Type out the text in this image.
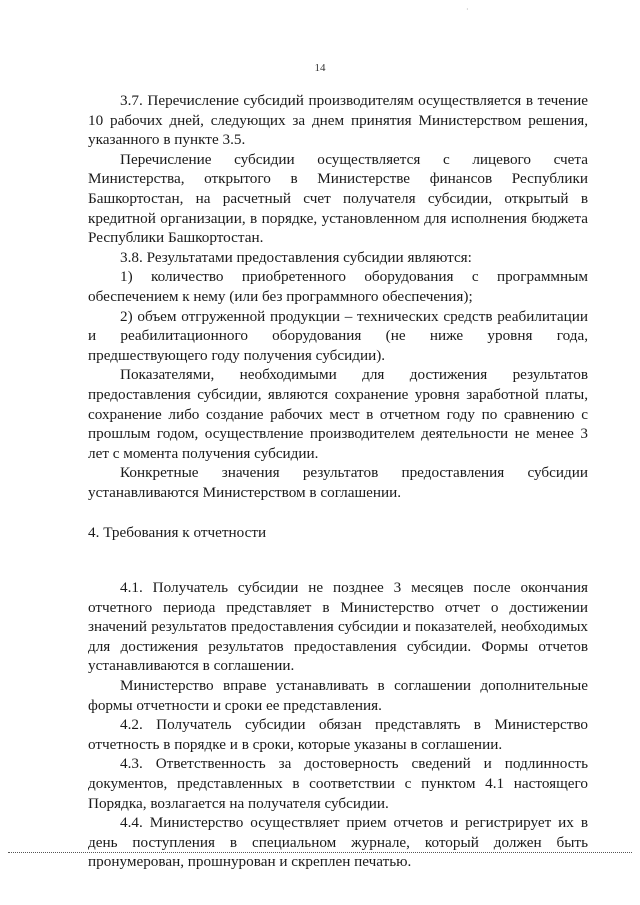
·
14

3.7. Перечисление субсидий производителям осуществляется в течение 10 рабочих дней, следующих за днем принятия Министерством решения, указанного в пункте 3.5.

Перечисление субсидии осуществляется с лицевого счета Министерства, открытого в Министерстве финансов Республики Башкортостан, на расчетный счет получателя субсидии, открытый в кредитной организации, в порядке, установленном для исполнения бюджета Республики Башкортостан.

3.8. Результатами предоставления субсидии являются:

1) количество приобретенного оборудования с программным обеспечением к нему (или без программного обеспечения);

2) объем отгруженной продукции – технических средств реабилитации и реабилитационного оборудования (не ниже уровня года, предшествующего году получения субсидии).

Показателями, необходимыми для достижения результатов предоставления субсидии, являются сохранение уровня заработной платы, сохранение либо создание рабочих мест в отчетном году по сравнению с прошлым годом, осуществление производителем деятельности не менее 3 лет с момента получения субсидии.

Конкретные значения результатов предоставления субсидии устанавливаются Министерством в соглашении.

4. Требования к отчетности

4.1. Получатель субсидии не позднее 3 месяцев после окончания отчетного периода представляет в Министерство отчет о достижении значений результатов предоставления субсидии и показателей, необходимых для достижения результатов предоставления субсидии. Формы отчетов устанавливаются в соглашении.

Министерство вправе устанавливать в соглашении дополнительные формы отчетности и сроки ее представления.

4.2. Получатель субсидии обязан представлять в Министерство отчетность в порядке и в сроки, которые указаны в соглашении.

4.3. Ответственность за достоверность сведений и подлинность документов, представленных в соответствии с пунктом 4.1 настоящего Порядка, возлагается на получателя субсидии.

4.4. Министерство осуществляет прием отчетов и регистрирует их в день поступления в специальном журнале, который должен быть пронумерован, прошнурован и скреплен печатью.
